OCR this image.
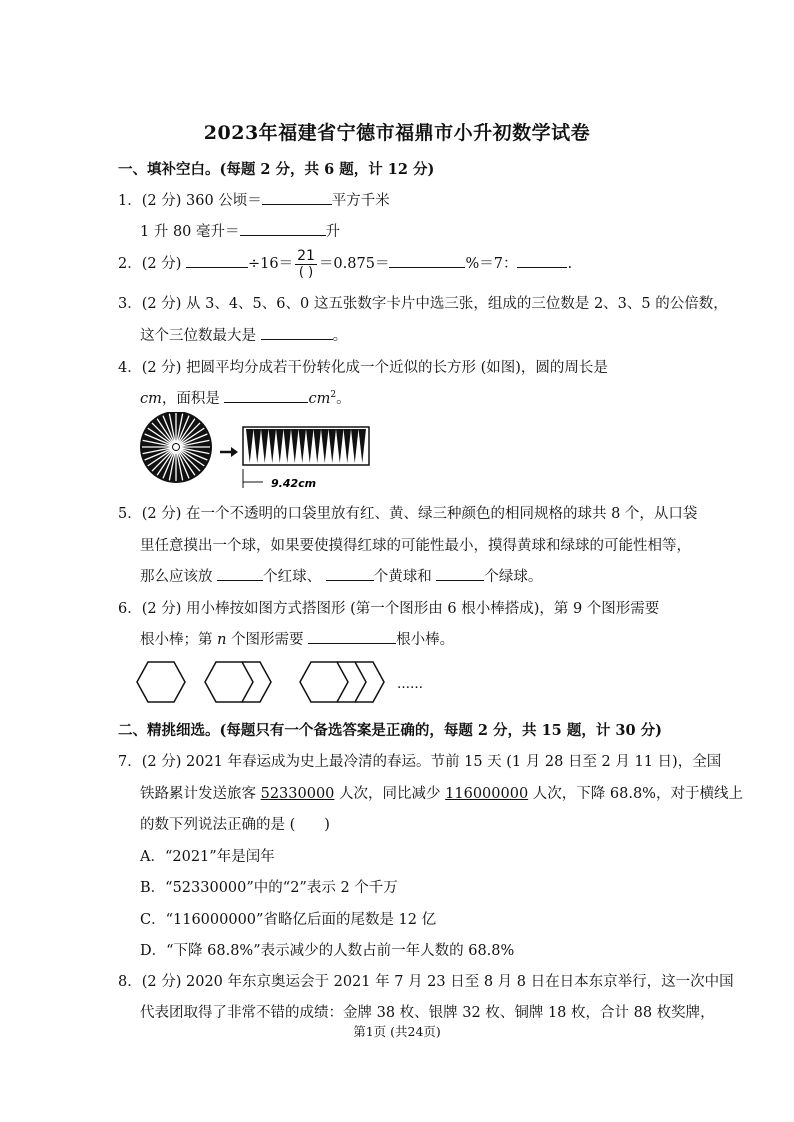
2023年福建省宁德市福鼎市小升初数学试卷
一、填补空白。(每题 2 分，共 6 题，计 12 分)
1．(2 分) 360 公顷＝	平方千米
1 升 80 毫升＝	升
2．(2 分)	$\div 16= \frac{21}{( )} =0.875=$	%＝7：	.
3．(2 分) 从 3、4、5、6、0 这五张数字卡片中选三张，组成的三位数是 2、3、5 的公倍数，
这个三位数最大是	。
4．(2 分) 把圆平均分成若干份转化成一个近似的长方形 (如图)，圆的周长是
cm，面积是	$cm^2$。
9.42cm
5．(2 分) 在一个不透明的口袋里放有红、黄、绿三种颜色的相同规格的球共 8 个，从口袋
里任意摸出一个球，如果要使摸得红球的可能性最小，摸得黄球和绿球的可能性相等，
那么应该放	个红球、	个黄球和	个绿球。
6．(2 分) 用小棒按如图方式搭图形 (第一个图形由 6 根小棒搭成)，第 9 个图形需要
根小棒；第 n 个图形需要	根小棒。
……
二、精挑细选。(每题只有一个备选答案是正确的，每题 2 分，共 15 题，计 30 分)
7．(2 分) 2021 年春运成为史上最冷清的春运。节前 15 天 (1 月 28 日至 2 月 11 日)，全国
铁路累计发送旅客 52330000 人次，同比减少 116000000 人次，下降 68.8%，对于横线上
的数下列说法正确的是 (　　)
A．“2021”年是闰年
B．“52330000”中的“2”表示 2 个千万
C．“116000000”省略亿后面的尾数是 12 亿
D．“下降 68.8%”表示减少的人数占前一年人数的 68.8%
8．(2 分) 2020 年东京奥运会于 2021 年 7 月 23 日至 8 月 8 日在日本东京举行，这一次中国
代表团取得了非常不错的成绩：金牌 38 枚、银牌 32 枚、铜牌 18 枚，合计 88 枚奖牌，
第1页 (共24页)
